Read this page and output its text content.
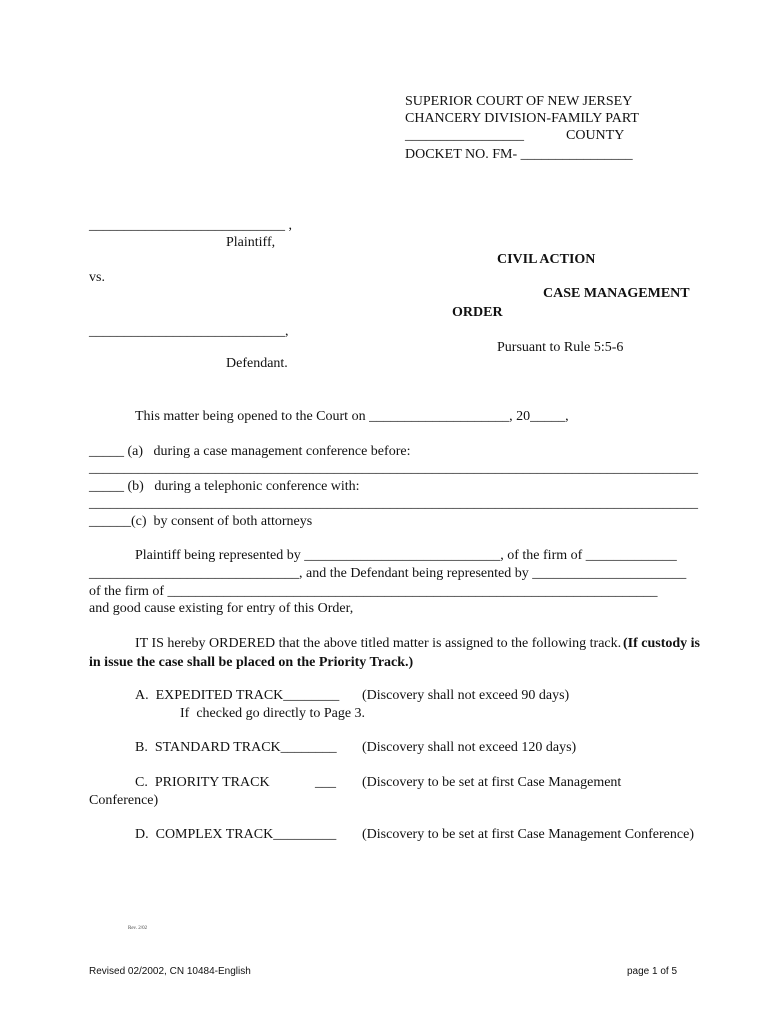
SUPERIOR COURT OF NEW JERSEY
CHANCERY DIVISION-FAMILY PART
_________________            COUNTY
DOCKET NO. FM- ________________
____________________________ ,
Plaintiff,
vs.
____________________________,
Defendant.
CIVIL ACTION
CASE MANAGEMENT
ORDER
Pursuant to Rule 5:5-6
This matter being opened to the Court on ____________________, 20_____,
_____ (a)   during a case management conference before:
_______________________________________________________________________________________
_____ (b)   during a telephonic conference with:
_______________________________________________________________________________________
______(c)  by consent of both attorneys
Plaintiff being represented by ____________________________, of the firm of _____________
______________________________, and the Defendant being represented by ______________________
of the firm of ______________________________________________________________________
and good cause existing for entry of this Order,
IT IS hereby ORDERED that the above titled matter is assigned to the following track. (If custody is
in issue the case shall be placed on the Priority Track.)
A.  EXPEDITED TRACK________ (Discovery shall not exceed 90 days)
If  checked go directly to Page 3.
B.  STANDARD TRACK________ (Discovery shall not exceed 120 days)
C.  PRIORITY TRACK	___ (Discovery to be set at first Case Management
Conference)
D.  COMPLEX TRACK_________ (Discovery to be set at first Case Management Conference)
Rev. 2/02
Revised 02/2002, CN 10484-English	page 1 of 5
